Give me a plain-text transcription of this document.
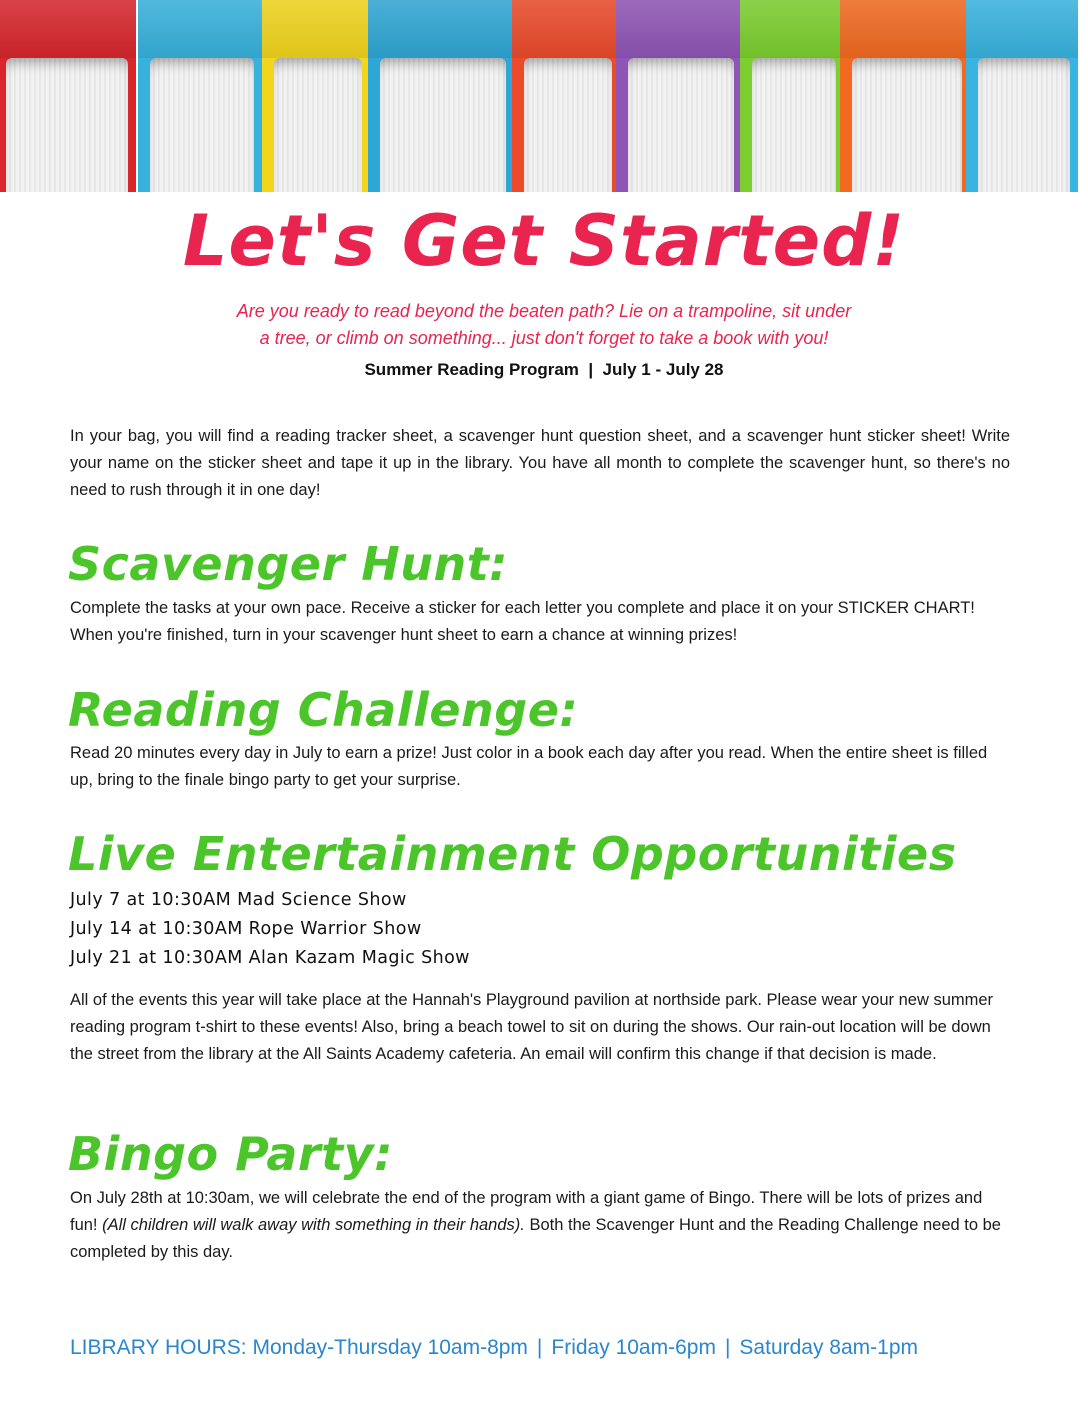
Let's Get Started!

Are you ready to read beyond the beaten path? Lie on a trampoline, sit under
a tree, or climb on something... just don't forget to take a book with you!

Summer Reading Program  |  July 1 - July 28

In your bag, you will find a reading tracker sheet, a scavenger hunt question sheet, and a scavenger hunt sticker sheet! Write your name on the sticker sheet and tape it up in the library. You have all month to complete the scavenger hunt, so there's no need to rush through it in one day!

Scavenger Hunt:

Complete the tasks at your own pace. Receive a sticker for each letter you complete and place it on your STICKER CHART! When you're finished, turn in your scavenger hunt sheet to earn a chance at winning prizes!

Reading Challenge:

Read 20 minutes every day in July to earn a prize! Just color in a book each day after you read. When the entire sheet is filled up, bring to the finale bingo party to get your surprise.

Live Entertainment Opportunities
July 7 at 10:30AM Mad Science Show
July 14 at 10:30AM Rope Warrior Show
July 21 at 10:30AM Alan Kazam Magic Show

All of the events this year will take place at the Hannah's Playground pavilion at northside park. Please wear your new summer reading program t-shirt to these events! Also, bring a beach towel to sit on during the shows. Our rain-out location will be down the street from the library at the All Saints Academy cafeteria. An email will confirm this change if that decision is made.

Bingo Party:

On July 28th at 10:30am, we will celebrate the end of the program with a giant game of Bingo. There will be lots of prizes and fun! (All children will walk away with something in their hands). Both the Scavenger Hunt and the Reading Challenge need to be completed by this day.

LIBRARY HOURS: Monday-Thursday 10am-8pm | Friday 10am-6pm | Saturday 8am-1pm
